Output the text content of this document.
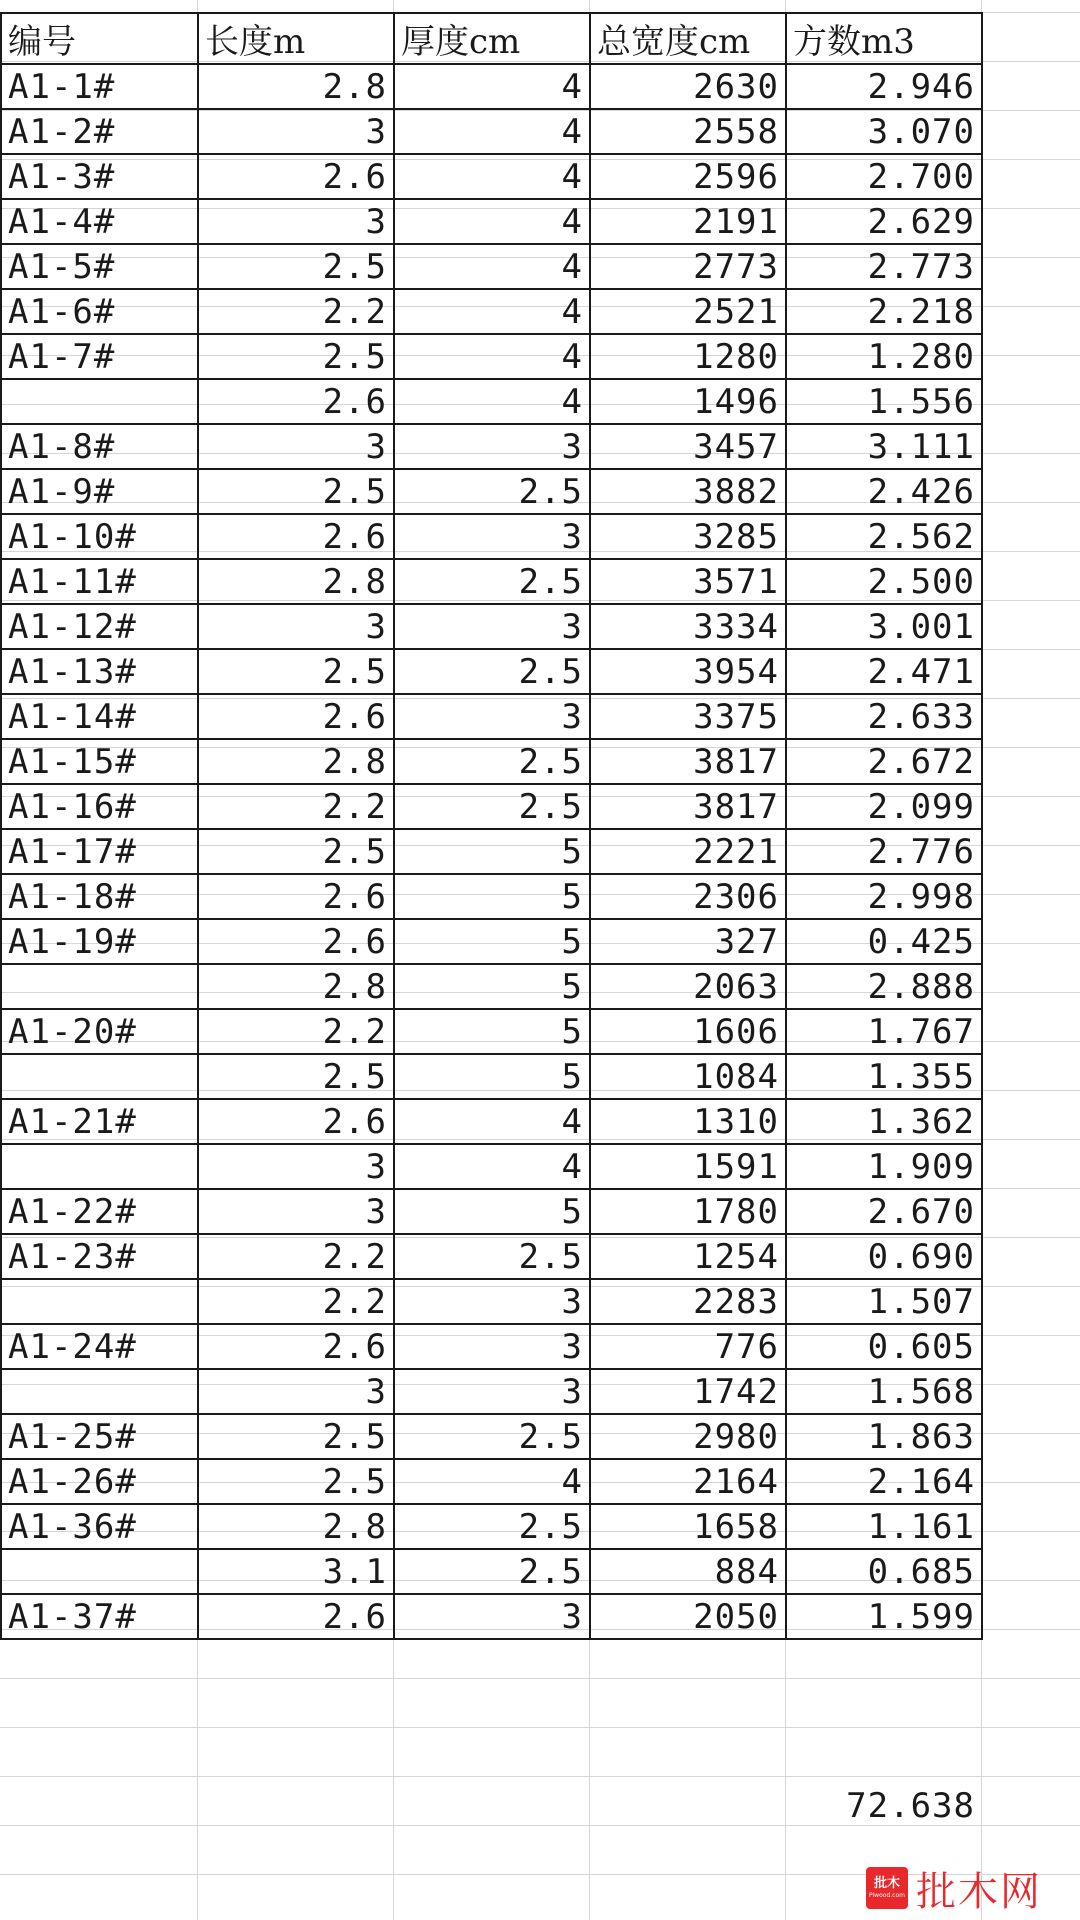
编号	长度m	厚度cm	总宽度cm	方数m3
A1-1#	2.8	4	2630	2.946
A1-2#	3	4	2558	3.070
A1-3#	2.6	4	2596	2.700
A1-4#	3	4	2191	2.629
A1-5#	2.5	4	2773	2.773
A1-6#	2.2	4	2521	2.218
A1-7#	2.5	4	1280	1.280
	2.6	4	1496	1.556
A1-8#	3	3	3457	3.111
A1-9#	2.5	2.5	3882	2.426
A1-10#	2.6	3	3285	2.562
A1-11#	2.8	2.5	3571	2.500
A1-12#	3	3	3334	3.001
A1-13#	2.5	2.5	3954	2.471
A1-14#	2.6	3	3375	2.633
A1-15#	2.8	2.5	3817	2.672
A1-16#	2.2	2.5	3817	2.099
A1-17#	2.5	5	2221	2.776
A1-18#	2.6	5	2306	2.998
A1-19#	2.6	5	327	0.425
	2.8	5	2063	2.888
A1-20#	2.2	5	1606	1.767
	2.5	5	1084	1.355
A1-21#	2.6	4	1310	1.362
	3	4	1591	1.909
A1-22#	3	5	1780	2.670
A1-23#	2.2	2.5	1254	0.690
	2.2	3	2283	1.507
A1-24#	2.6	3	776	0.605
	3	3	1742	1.568
A1-25#	2.5	2.5	2980	1.863
A1-26#	2.5	4	2164	2.164
A1-36#	2.8	2.5	1658	1.161
	3.1	2.5	884	0.685
A1-37#	2.6	3	2050	1.599
72.638
批木
Piwood.com 批木网
